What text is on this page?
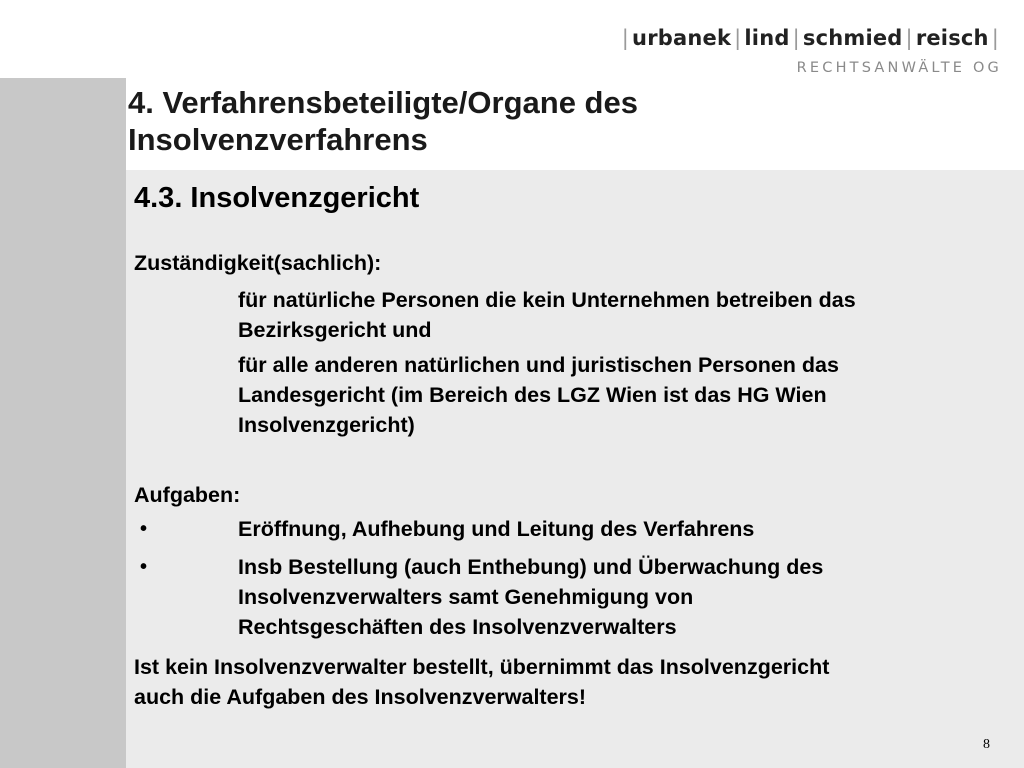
| urbanek | lind | schmied | reisch |
RECHTSANWÄLTE OG
4. Verfahrensbeteiligte/Organe des
Insolvenzverfahrens
4.3. Insolvenzgericht

Zuständigkeit(sachlich):

für natürliche Personen die kein Unternehmen betreiben das
Bezirksgericht und

für alle anderen natürlichen und juristischen Personen das
Landesgericht (im Bereich des LGZ Wien ist das HG Wien
Insolvenzgericht)

Aufgaben:

•	Eröffnung, Aufhebung und Leitung des Verfahrens

•	Insb Bestellung (auch Enthebung) und Überwachung des
Insolvenzverwalters samt Genehmigung von
Rechtsgeschäften des Insolvenzverwalters

Ist kein Insolvenzverwalter bestellt, übernimmt das Insolvenzgericht
auch die Aufgaben des Insolvenzverwalters!

8
